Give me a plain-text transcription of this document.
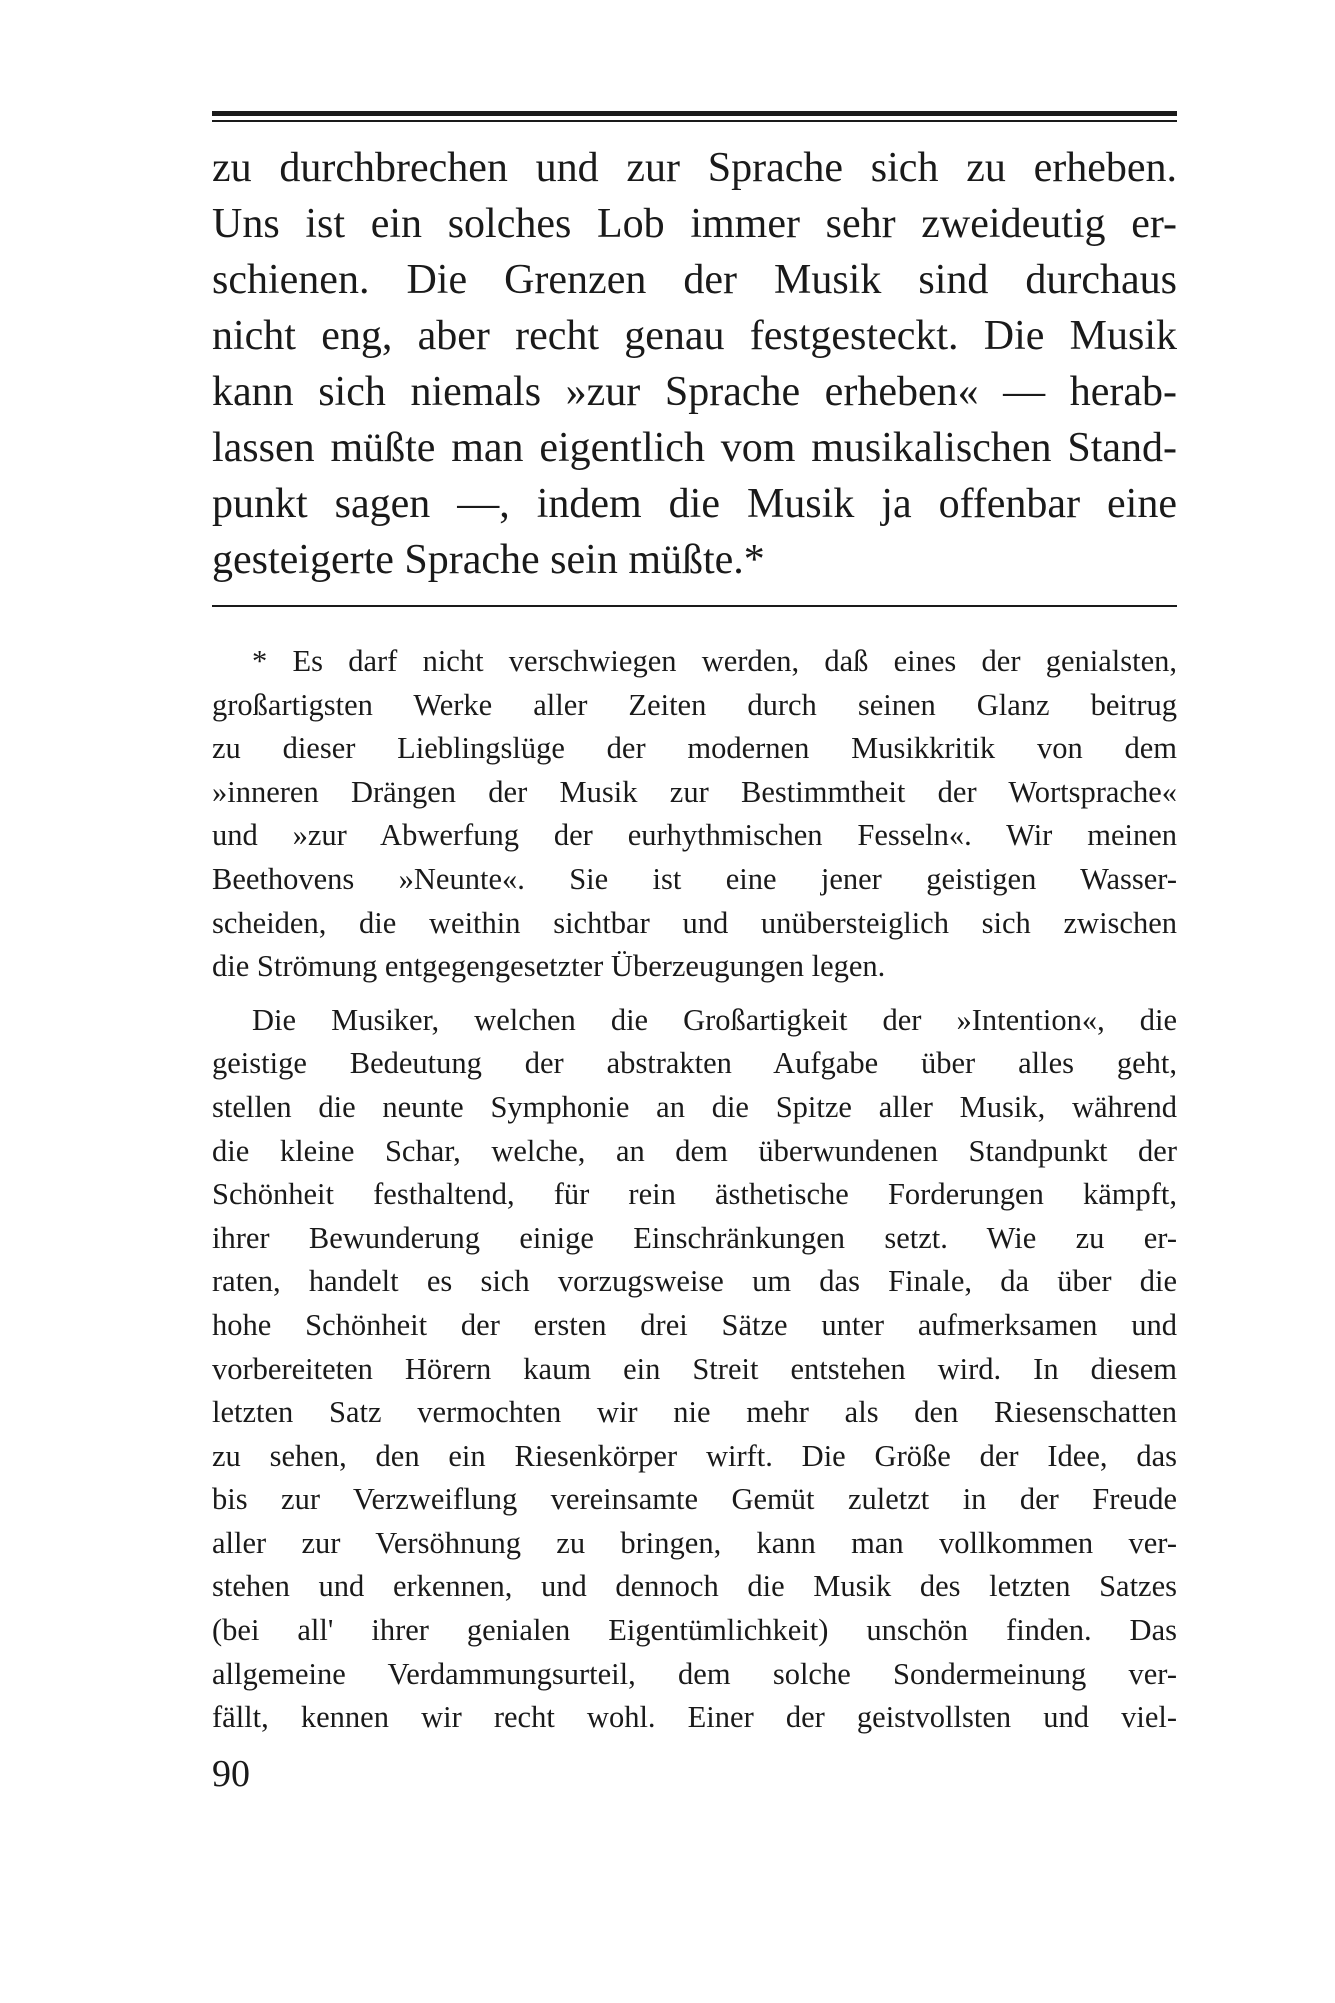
zu durchbrechen und zur Sprache sich zu erheben.
Uns ist ein solches Lob immer sehr zweideutig er-
schienen. Die Grenzen der Musik sind durchaus
nicht eng, aber recht genau festgesteckt. Die Musik
kann sich niemals »zur Sprache erheben« — herab-
lassen müßte man eigentlich vom musikalischen Stand-
punkt sagen —, indem die Musik ja offenbar eine
gesteigerte Sprache sein müßte.*
* Es darf nicht verschwiegen werden, daß eines der genialsten,
großartigsten Werke aller Zeiten durch seinen Glanz beitrug
zu dieser Lieblingslüge der modernen Musikkritik von dem
»inneren Drängen der Musik zur Bestimmtheit der Wortsprache«
und »zur Abwerfung der eurhythmischen Fesseln«. Wir meinen
Beethovens »Neunte«. Sie ist eine jener geistigen Wasser-
scheiden, die weithin sichtbar und unübersteiglich sich zwischen
die Strömung entgegengesetzter Überzeugungen legen.
Die Musiker, welchen die Großartigkeit der »Intention«, die
geistige Bedeutung der abstrakten Aufgabe über alles geht,
stellen die neunte Symphonie an die Spitze aller Musik, während
die kleine Schar, welche, an dem überwundenen Standpunkt der
Schönheit festhaltend, für rein ästhetische Forderungen kämpft,
ihrer Bewunderung einige Einschränkungen setzt. Wie zu er-
raten, handelt es sich vorzugsweise um das Finale, da über die
hohe Schönheit der ersten drei Sätze unter aufmerksamen und
vorbereiteten Hörern kaum ein Streit entstehen wird. In diesem
letzten Satz vermochten wir nie mehr als den Riesenschatten
zu sehen, den ein Riesenkörper wirft. Die Größe der Idee, das
bis zur Verzweiflung vereinsamte Gemüt zuletzt in der Freude
aller zur Versöhnung zu bringen, kann man vollkommen ver-
stehen und erkennen, und dennoch die Musik des letzten Satzes
(bei all' ihrer genialen Eigentümlichkeit) unschön finden. Das
allgemeine Verdammungsurteil, dem solche Sondermeinung ver-
fällt, kennen wir recht wohl. Einer der geistvollsten und viel-
90
